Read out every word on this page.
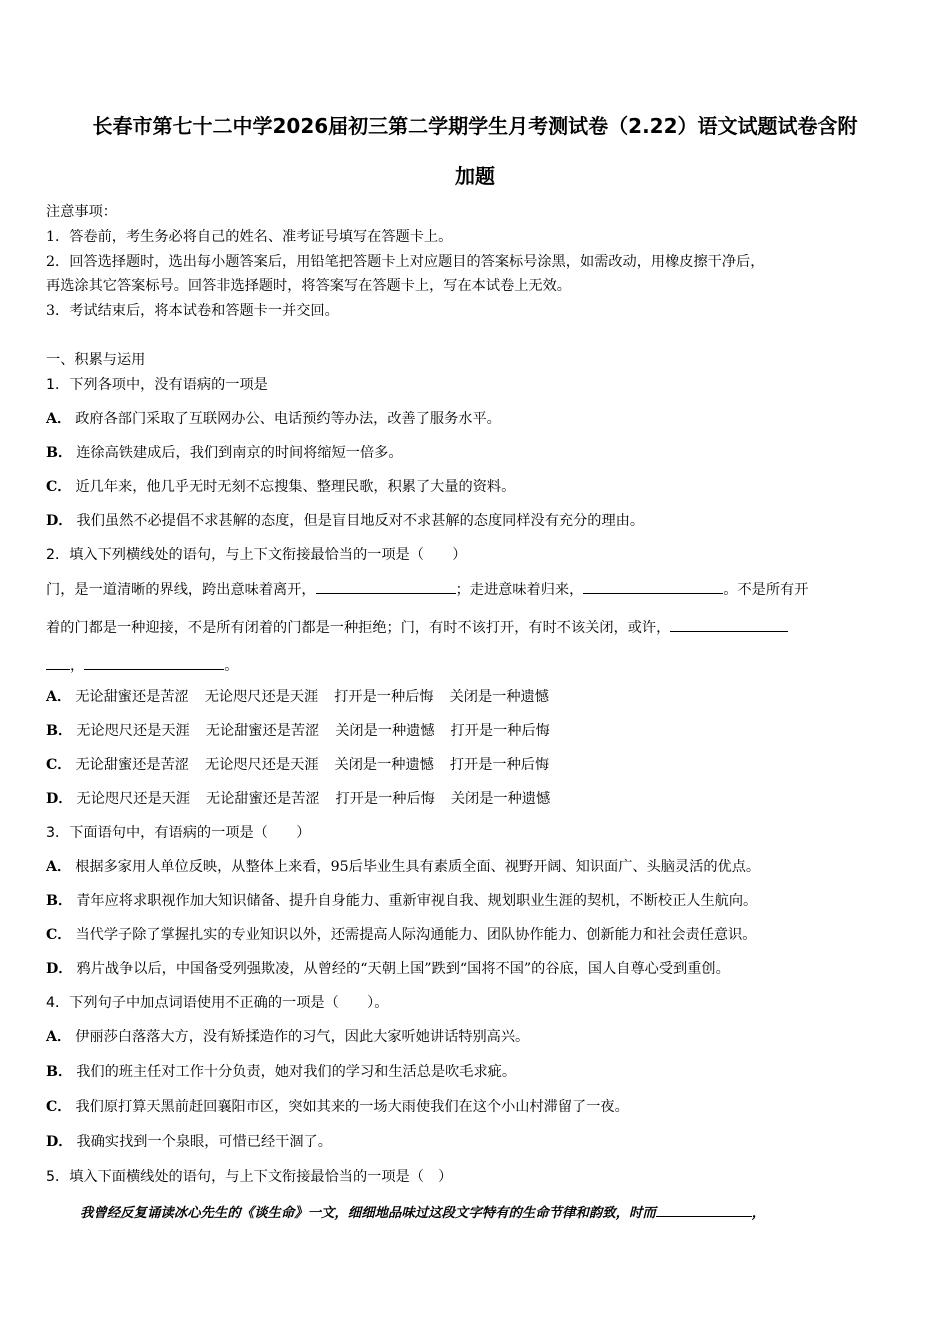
长春市第七十二中学2026届初三第二学期学生月考测试卷（2.22）语文试题试卷含附
加题
注意事项：
1．答卷前，考生务必将自己的姓名、准考证号填写在答题卡上。
2．回答选择题时，选出每小题答案后，用铅笔把答题卡上对应题目的答案标号涂黑，如需改动，用橡皮擦干净后，
再选涂其它答案标号。回答非选择题时，将答案写在答题卡上，写在本试卷上无效。
3．考试结束后，将本试卷和答题卡一并交回。
一、积累与运用
1．下列各项中，没有语病的一项是
A． 政府各部门采取了互联网办公、电话预约等办法，改善了服务水平。
B． 连徐高铁建成后，我们到南京的时间将缩短一倍多。
C． 近几年来，他几乎无时无刻不忘搜集、整理民歌，积累了大量的资料。
D． 我们虽然不必提倡不求甚解的态度，但是盲目地反对不求甚解的态度同样没有充分的理由。
2．填入下列横线处的语句，与上下文衔接最恰当的一项是（　　）
门，是一道清晰的界线，跨出意味着离开，	；走进意味着归来，	。不是所有开
着的门都是一种迎接，不是所有闭着的门都是一种拒绝；门，有时不该打开，有时不该关闭，或许，
，	。
A． 无论甜蜜还是苦涩 无论咫尺还是天涯 打开是一种后悔 关闭是一种遗憾
B． 无论咫尺还是天涯 无论甜蜜还是苦涩 关闭是一种遗憾 打开是一种后悔
C． 无论甜蜜还是苦涩 无论咫尺还是天涯 关闭是一种遗憾 打开是一种后悔
D． 无论咫尺还是天涯 无论甜蜜还是苦涩 打开是一种后悔 关闭是一种遗憾
3．下面语句中，有语病的一项是（　　）
A． 根据多家用人单位反映，从整体上来看，95后毕业生具有素质全面、视野开阔、知识面广、头脑灵活的优点。
B． 青年应将求职视作加大知识储备、提升自身能力、重新审视自我、规划职业生涯的契机，不断校正人生航向。
C． 当代学子除了掌握扎实的专业知识以外，还需提高人际沟通能力、团队协作能力、创新能力和社会责任意识。
D． 鸦片战争以后，中国备受列强欺凌，从曾经的“天朝上国”跌到“国将不国”的谷底，国人自尊心受到重创。
4．下列句子中加点词语使用不正确的一项是（　　）。
A． 伊丽莎白落落大方，没有矫揉造作的习气，因此大家听她讲话特别高兴。
B． 我们的班主任对工作十分负责，她对我们的学习和生活总是吹毛求疵。
C． 我们原打算天黑前赶回襄阳市区，突如其来的一场大雨使我们在这个小山村滞留了一夜。
D． 我确实找到一个泉眼，可惜已经干涸了。
5．填入下面横线处的语句，与上下文衔接最恰当的一项是（　）
我曾经反复诵读冰心先生的《谈生命》一文，细细地品味过这段文字特有的生命节律和韵致，时而	，
